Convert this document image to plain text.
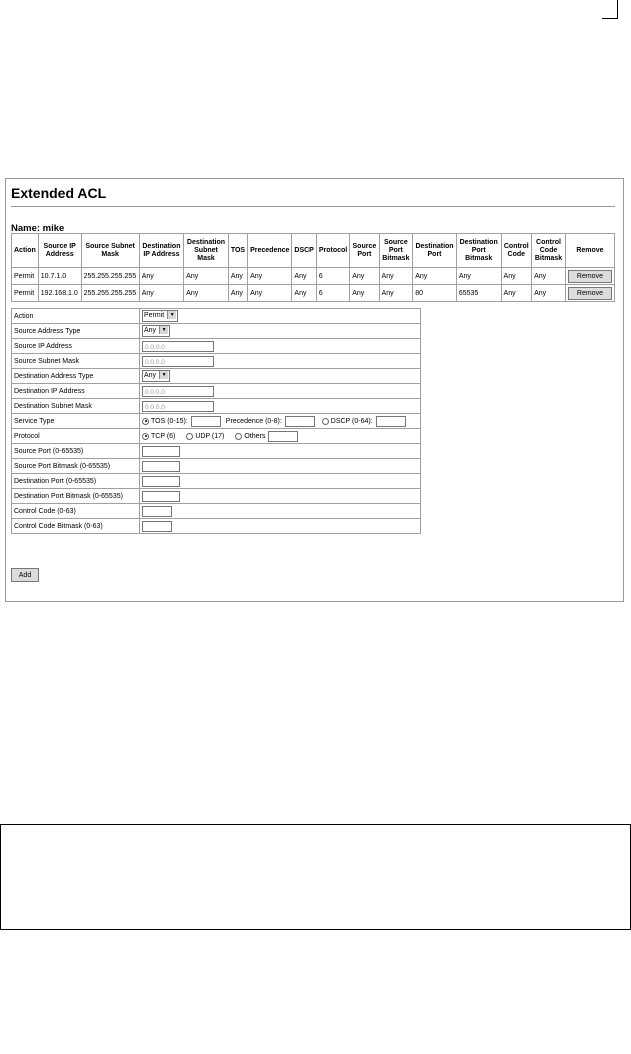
Extended ACL
Name: mike
Action	Source IP Address	Source Subnet Mask	Destination IP Address	Destination Subnet Mask	TOS	Precedence	DSCP	Protocol	Source Port	Source Port Bitmask	Destination Port	Destination Port Bitmask	Control Code	Control Code Bitmask	Remove
Permit	10.7.1.0	255.255.255.255	Any	Any	Any	Any	Any	6	Any	Any	Any	Any	Any	Any	Remove
Permit	192.168.1.0	255.255.255.255	Any	Any	Any	Any	Any	6	Any	Any	80	65535	Any	Any	Remove
Action	Permit ▼
Source Address Type	Any ▼
Source IP Address	0.0.0.0
Source Subnet Mask	0.0.0.0
Destination Address Type	Any ▼
Destination IP Address	0.0.0.0
Destination Subnet Mask	0.0.0.0
Service Type	TOS (0-15): Precedence (0-8): DSCP (0-64):
Protocol	TCP (6) UDP (17) Others
Source Port (0-65535)	
Source Port Bitmask (0-65535)	
Destination Port (0-65535)	
Destination Port Bitmask (0-65535)	
Control Code (0-63)	
Control Code Bitmask (0-63)	
Add
